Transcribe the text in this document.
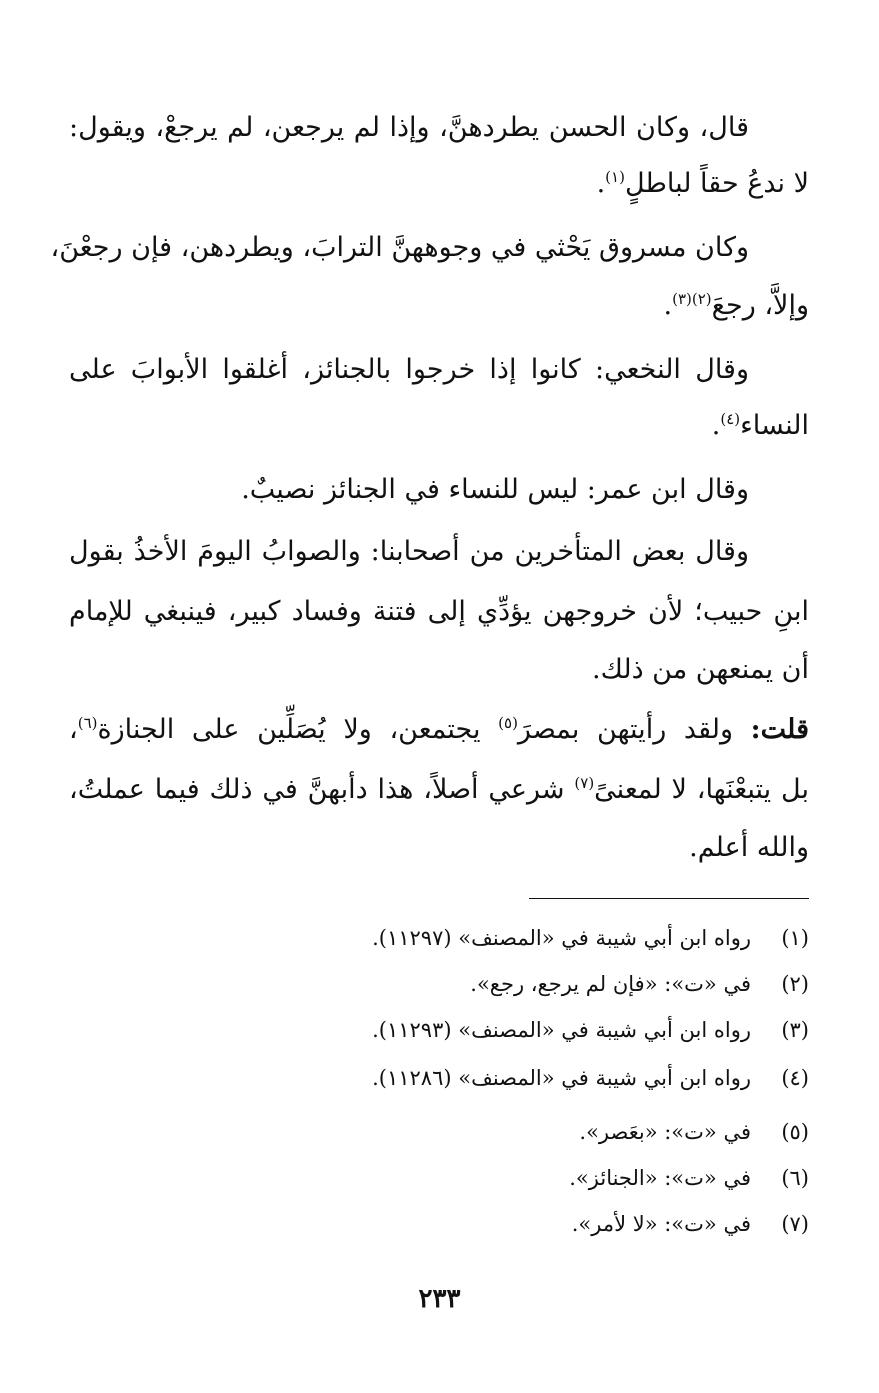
قال، وكان الحسن يطردهنَّ، وإذا لم يرجعن، لم يرجعْ، ويقول:
لا ندعُ حقاً لباطلٍ$^{(١)}$.
وكان مسروق يَحْثي في وجوههنَّ الترابَ، ويطردهن، فإن رجعْنَ،
وإلاَّ، رجعَ$^{(٢)(٣)}$.
وقال النخعي: كانوا إذا خرجوا بالجنائز، أغلقوا الأبوابَ على
النساء$^{(٤)}$.
وقال ابن عمر: ليس للنساء في الجنائز نصيبٌ.
وقال بعض المتأخرين من أصحابنا: والصوابُ اليومَ الأخذُ بقول
ابنِ حبيب؛ لأن خروجهن يؤدِّي إلى فتنة وفساد كبير، فينبغي للإمام
أن يمنعهن من ذلك.
قلت: ولقد رأيتهن بمصرَ$^{(٥)}$ يجتمعن، ولا يُصَلِّين على الجنازة$^{(٦)}$،
بل يتبعْنَها، لا لمعنىً$^{(٧)}$ شرعي أصلاً، هذا دأبهنَّ في ذلك فيما عملتُ،
والله أعلم.
(١)رواه ابن أبي شيبة في «المصنف» (١١٢٩٧).
(٢)في «ت»: «فإن لم يرجع، رجع».
(٣)رواه ابن أبي شيبة في «المصنف» (١١٢٩٣).
(٤)رواه ابن أبي شيبة في «المصنف» (١١٢٨٦).
(٥)في «ت»: «بعَصر».
(٦)في «ت»: «الجنائز».
(٧)في «ت»: «لا لأمر».
٢٣٣
